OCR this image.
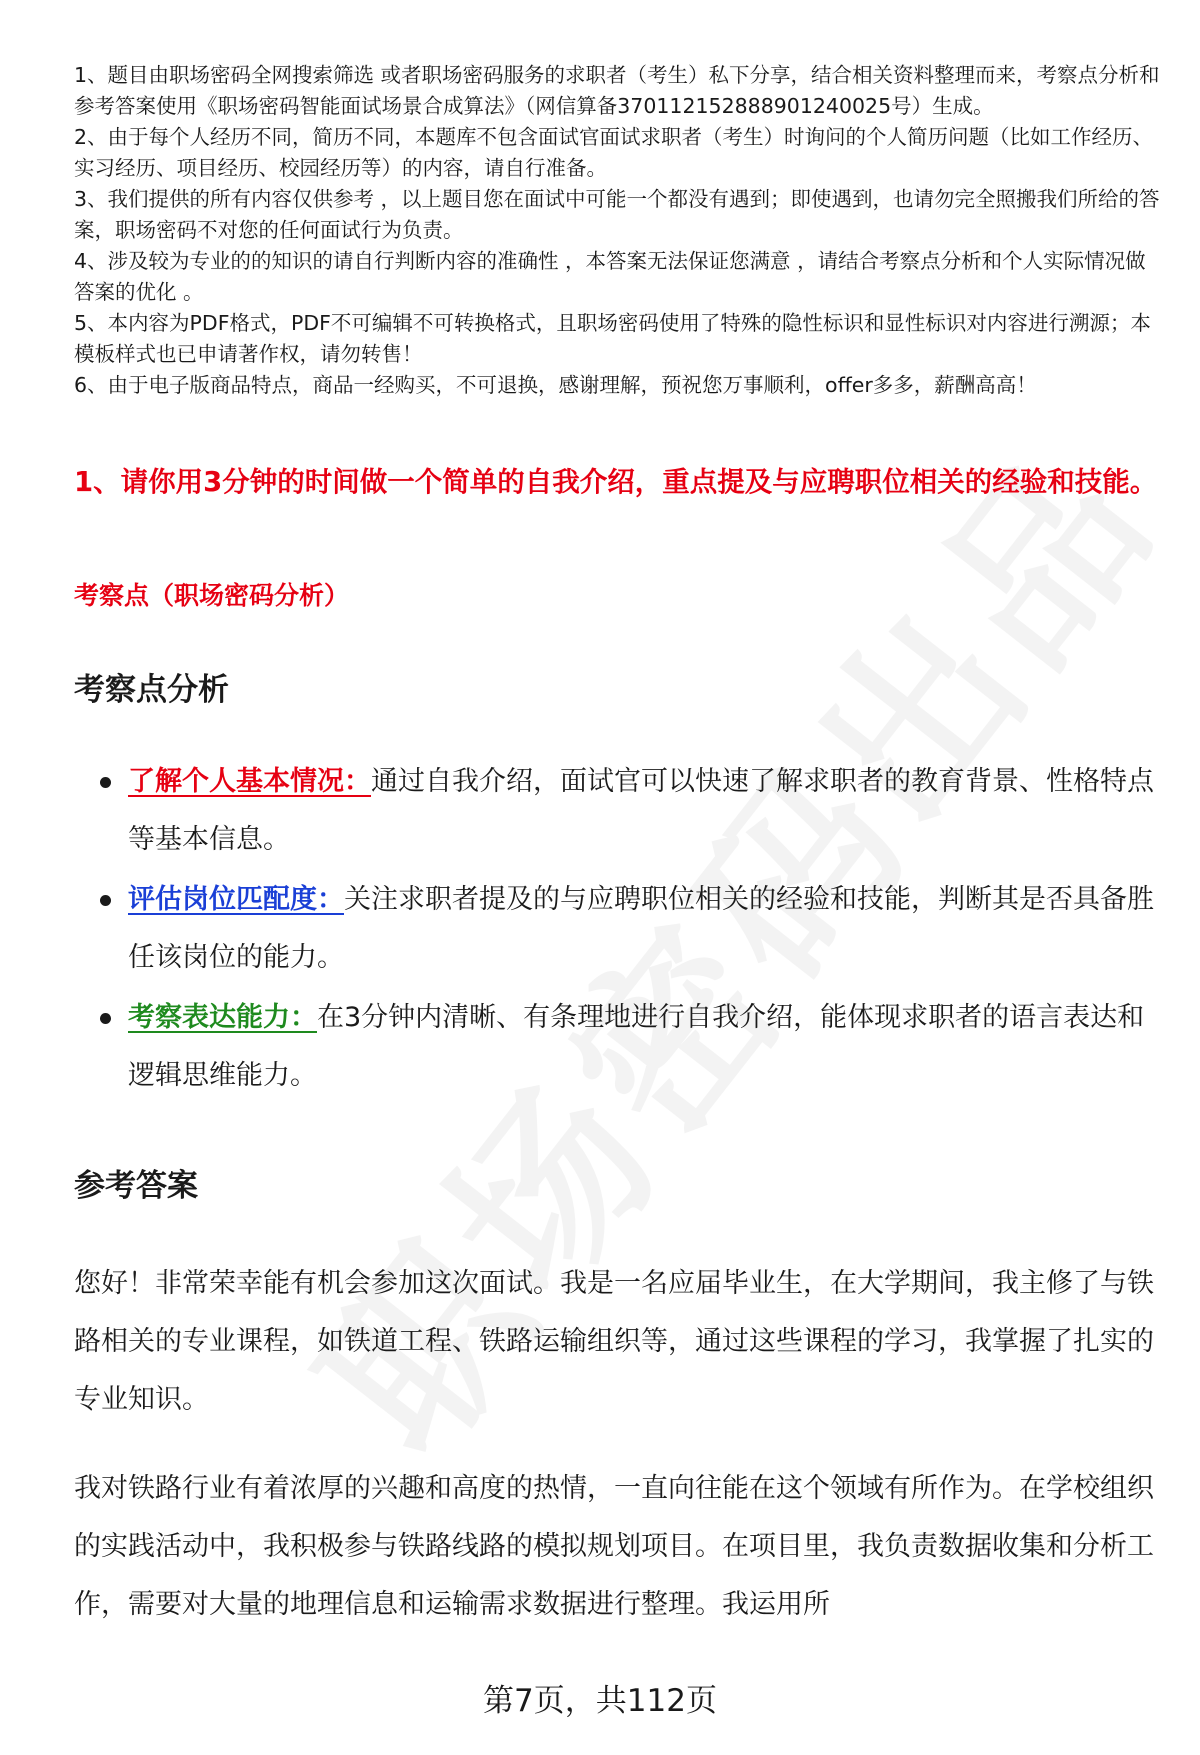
1、题目由职场密码全网搜索筛选 或者职场密码服务的求职者（考生）私下分享，结合相关资料整理而来，考察点分析和参考答案使用《职场密码智能面试场景合成算法》（网信算备370112152888901240025号）生成。

2、由于每个人经历不同，简历不同，本题库不包含面试官面试求职者（考生）时询问的个人简历问题（比如工作经历、实习经历、项目经历、校园经历等）的内容，请自行准备。

3、我们提供的所有内容仅供参考 ，以上题目您在面试中可能一个都没有遇到；即使遇到，也请勿完全照搬我们所给的答案，职场密码不对您的任何面试行为负责。

4、涉及较为专业的的知识的请自行判断内容的准确性 ，本答案无法保证您满意 ，请结合考察点分析和个人实际情况做答案的优化 。

5、本内容为PDF格式，PDF不可编辑不可转换格式，且职场密码使用了特殊的隐性标识和显性标识对内容进行溯源；本模板样式也已申请著作权，请勿转售！

6、由于电子版商品特点，商品一经购买，不可退换，感谢理解，预祝您万事顺利，offer多多，薪酬高高！

1、请你用3分钟的时间做一个简单的自我介绍，重点提及与应聘职位相关的经验和技能。
考察点（职场密码分析）
考察点分析
了解个人基本情况：通过自我介绍，面试官可以快速了解求职者的教育背景、性格特点等基本信息。
评估岗位匹配度：关注求职者提及的与应聘职位相关的经验和技能，判断其是否具备胜任该岗位的能力。
考察表达能力：在3分钟内清晰、有条理地进行自我介绍，能体现求职者的语言表达和逻辑思维能力。
参考答案

您好！非常荣幸能有机会参加这次面试。我是一名应届毕业生，在大学期间，我主修了与铁路相关的专业课程，如铁道工程、铁路运输组织等，通过这些课程的学习，我掌握了扎实的专业知识。

我对铁路行业有着浓厚的兴趣和高度的热情，一直向往能在这个领域有所作为。在学校组织的实践活动中，我积极参与铁路线路的模拟规划项目。在项目里，我负责数据收集和分析工作，需要对大量的地理信息和运输需求数据进行整理。我运用所

第7页，共112页
